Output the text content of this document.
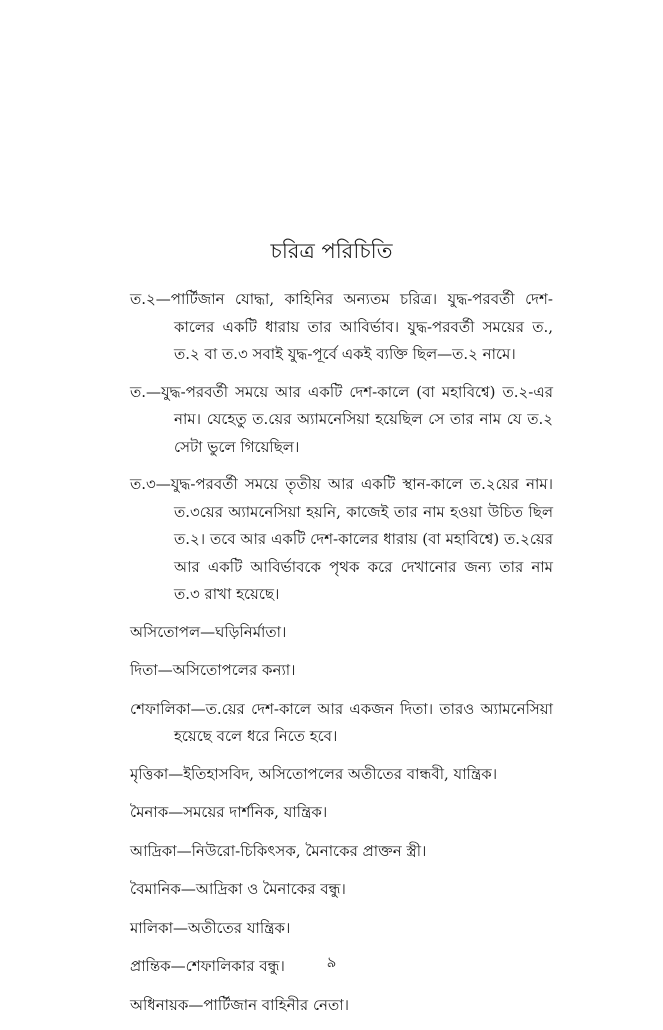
চরিত্র পরিচিতি
ত.২—পার্টিজান যোদ্ধা, কাহিনির অন্যতম চরিত্র। যুদ্ধ-পরবর্তী দেশ-কালের একটি ধারায় তার আবির্ভাব। যুদ্ধ-পরবর্তী সময়ের ত., ত.২ বা ত.৩ সবাই যুদ্ধ-পূর্বে একই ব্যক্তি ছিল—ত.২ নামে।
ত.—যুদ্ধ-পরবর্তী সময়ে আর একটি দেশ-কালে (বা মহাবিশ্বে) ত.২-এর নাম। যেহেতু ত.য়ের অ্যামনেসিয়া হয়েছিল সে তার নাম যে ত.২ সেটা ভুলে গিয়েছিল।
ত.৩—যুদ্ধ-পরবর্তী সময়ে তৃতীয় আর একটি স্থান-কালে ত.২য়ের নাম। ত.৩য়ের অ্যামনেসিয়া হয়নি, কাজেই তার নাম হওয়া উচিত ছিল ত.২। তবে আর একটি দেশ-কালের ধারায় (বা মহাবিশ্বে) ত.২য়ের আর একটি আবির্ভাবকে পৃথক করে দেখানোর জন্য তার নাম ত.৩ রাখা হয়েছে।
অসিতোপল—ঘড়িনির্মাতা।
দিতা—অসিতোপলের কন্যা।
শেফালিকা—ত.য়ের দেশ-কালে আর একজন দিতা। তারও অ্যামনেসিয়া হয়েছে বলে ধরে নিতে হবে।
মৃত্তিকা—ইতিহাসবিদ, অসিতোপলের অতীতের বান্ধবী, যান্ত্রিক।
মৈনাক—সময়ের দার্শনিক, যান্ত্রিক।
আদ্রিকা—নিউরো-চিকিৎসক, মৈনাকের প্রাক্তন স্ত্রী।
বৈমানিক—আদ্রিকা ও মৈনাকের বন্ধু।
মালিকা—অতীতের যান্ত্রিক।
প্রান্তিক—শেফালিকার বন্ধু।
অধিনায়ক—পার্টিজান বাহিনীর নেতা।
৯
